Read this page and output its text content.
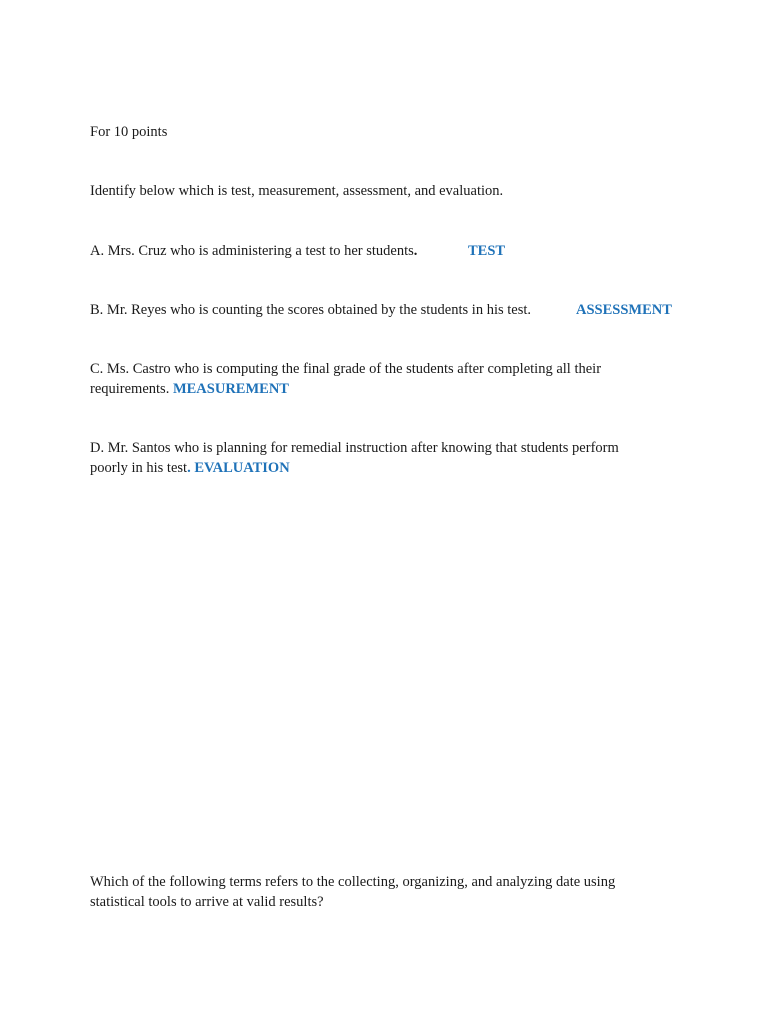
For 10 points
Identify below which is test, measurement, assessment, and evaluation.
A. Mrs. Cruz who is administering a test to her students.	TEST
B. Mr. Reyes who is counting the scores obtained by the students in his test.	ASSESSMENT
C. Ms. Castro who is computing the final grade of the students after completing all their
requirements. MEASUREMENT
D. Mr. Santos who is planning for remedial instruction after knowing that students perform
poorly in his test. EVALUATION
Which of the following terms refers to the collecting, organizing, and analyzing date using
statistical tools to arrive at valid results?
